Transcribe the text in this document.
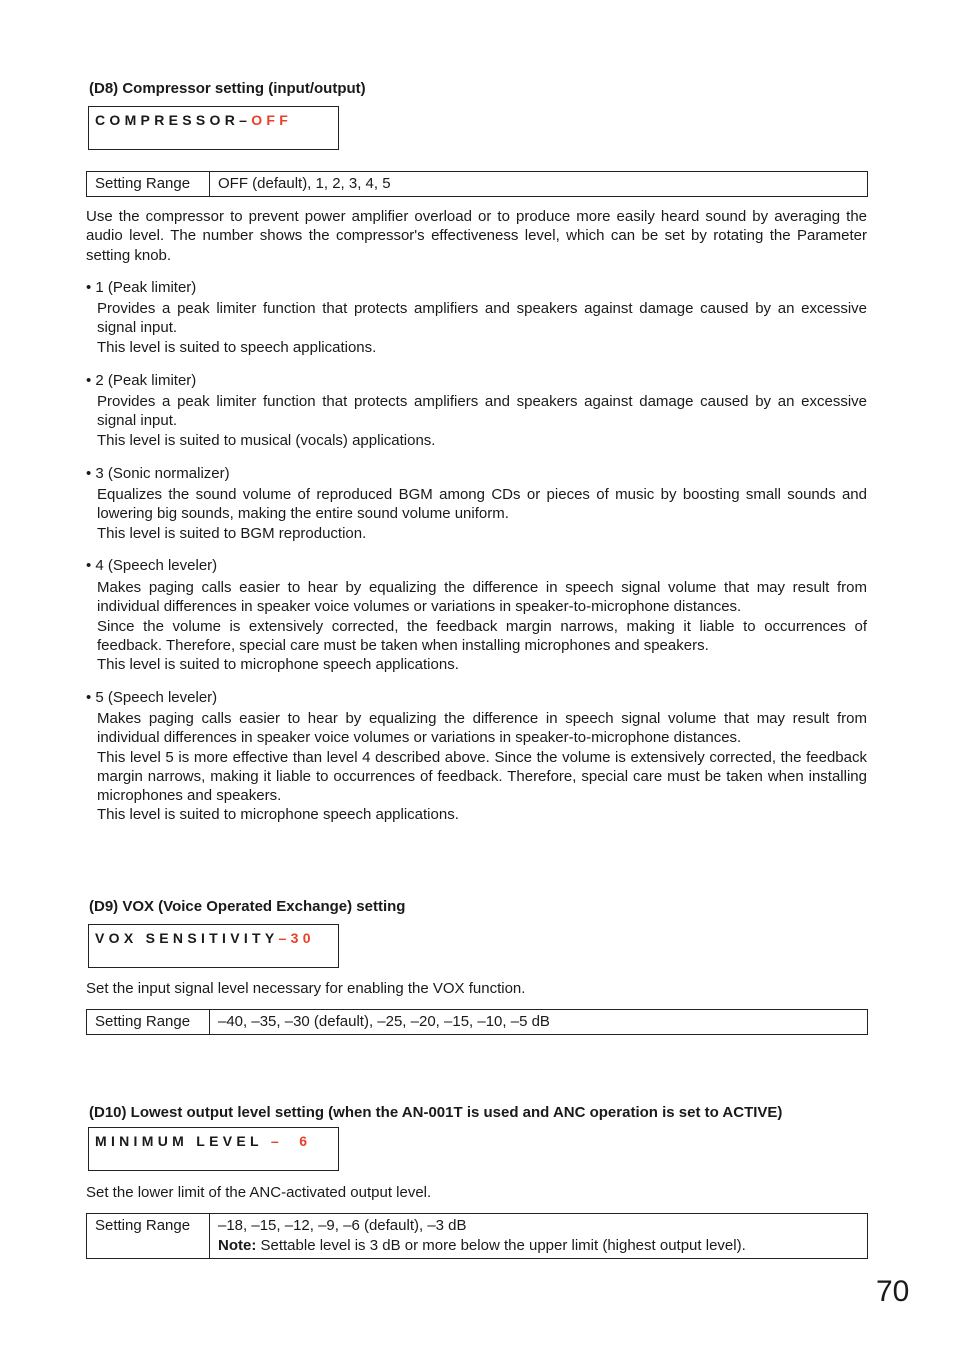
(D8) Compressor setting (input/output)
COMPRESSOR–OFF
Setting Range	OFF (default), 1, 2, 3, 4, 5
Use the compressor to prevent power amplifier overload or to produce more easily heard sound by averaging the audio level. The number shows the compressor's effectiveness level, which can be set by rotating the Parameter setting knob.
• 1 (Peak limiter)

Provides a peak limiter function that protects amplifiers and speakers against damage caused by an excessive signal input.

This level is suited to speech applications.

• 2 (Peak limiter)

Provides a peak limiter function that protects amplifiers and speakers against damage caused by an excessive signal input.

This level is suited to musical (vocals) applications.

• 3 (Sonic normalizer)

Equalizes the sound volume of reproduced BGM among CDs or pieces of music by boosting small sounds and lowering big sounds, making the entire sound volume uniform.

This level is suited to BGM reproduction.

• 4 (Speech leveler)

Makes paging calls easier to hear by equalizing the difference in speech signal volume that may result from individual differences in speaker voice volumes or variations in speaker-to-microphone distances.

Since the volume is extensively corrected, the feedback margin narrows, making it liable to occurrences of feedback. Therefore, special care must be taken when installing microphones and speakers.

This level is suited to microphone speech applications.

• 5 (Speech leveler)

Makes paging calls easier to hear by equalizing the difference in speech signal volume that may result from individual differences in speaker voice volumes or variations in speaker-to-microphone distances.

This level 5 is more effective than level 4 described above. Since the volume is extensively corrected, the feedback margin narrows, making it liable to occurrences of feedback. Therefore, special care must be taken when installing microphones and speakers.

This level is suited to microphone speech applications.

(D9) VOX (Voice Operated Exchange) setting
VOX SENSITIVITY–30
Set the input signal level necessary for enabling the VOX function.
Setting Range	–40, –35, –30 (default), –25, –20, –15, –10, –5 dB
(D10) Lowest output level setting (when the AN-001T is used and ANC operation is set to ACTIVE)
MINIMUM LEVEL –  6
Set the lower limit of the ANC-activated output level.
Setting Range	–18, –15, –12, –9, –6 (default), –3 dB
Note: Settable level is 3 dB or more below the upper limit (highest output level).
70
